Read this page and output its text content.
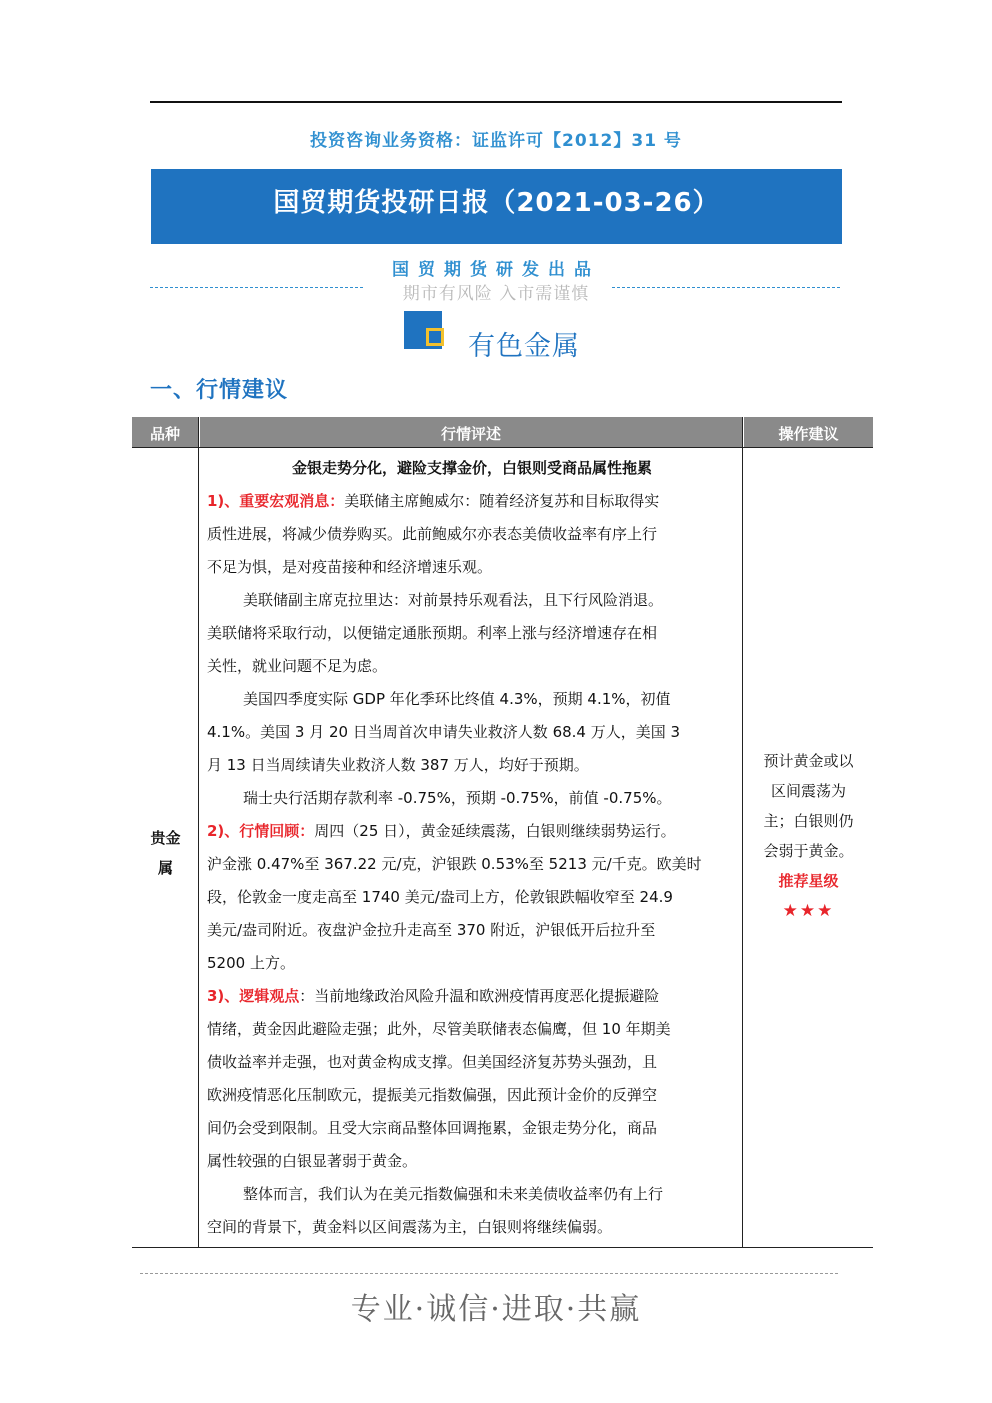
投资咨询业务资格：证监许可【2012】31 号
国贸期货投研日报（2021-03-26）
国贸期货研发出品
期市有风险 入市需谨慎
有色金属
一、行情建议
品种	行情评述	操作建议
贵金
属
金银走势分化，避险支撑金价，白银则受商品属性拖累
1)、重要宏观消息：美联储主席鲍威尔：随着经济复苏和目标取得实
质性进展，将减少债券购买。此前鲍威尔亦表态美债收益率有序上行
不足为惧，是对疫苗接种和经济增速乐观。
美联储副主席克拉里达：对前景持乐观看法，且下行风险消退。
美联储将采取行动，以便锚定通胀预期。利率上涨与经济增速存在相
关性，就业问题不足为虑。
美国四季度实际 GDP 年化季环比终值 4.3%，预期 4.1%，初值
4.1%。美国 3 月 20 日当周首次申请失业救济人数 68.4 万人，美国 3
月 13 日当周续请失业救济人数 387 万人，均好于预期。
瑞士央行活期存款利率 -0.75%，预期 -0.75%，前值 -0.75%。
2)、行情回顾：周四（25 日），黄金延续震荡，白银则继续弱势运行。
沪金涨 0.47%至 367.22 元/克，沪银跌 0.53%至 5213 元/千克。欧美时
段，伦敦金一度走高至 1740 美元/盎司上方，伦敦银跌幅收窄至 24.9
美元/盎司附近。夜盘沪金拉升走高至 370 附近，沪银低开后拉升至
5200 上方。
3)、逻辑观点：当前地缘政治风险升温和欧洲疫情再度恶化提振避险
情绪，黄金因此避险走强；此外，尽管美联储表态偏鹰，但 10 年期美
债收益率并走强，也对黄金构成支撑。但美国经济复苏势头强劲，且
欧洲疫情恶化压制欧元，提振美元指数偏强，因此预计金价的反弹空
间仍会受到限制。且受大宗商品整体回调拖累，金银走势分化，商品
属性较强的白银显著弱于黄金。
整体而言，我们认为在美元指数偏强和未来美债收益率仍有上行
空间的背景下，黄金料以区间震荡为主，白银则将继续偏弱。
预计黄金或以
区间震荡为
主；白银则仍
会弱于黄金。
推荐星级
★★★
专业·诚信·进取·共赢
